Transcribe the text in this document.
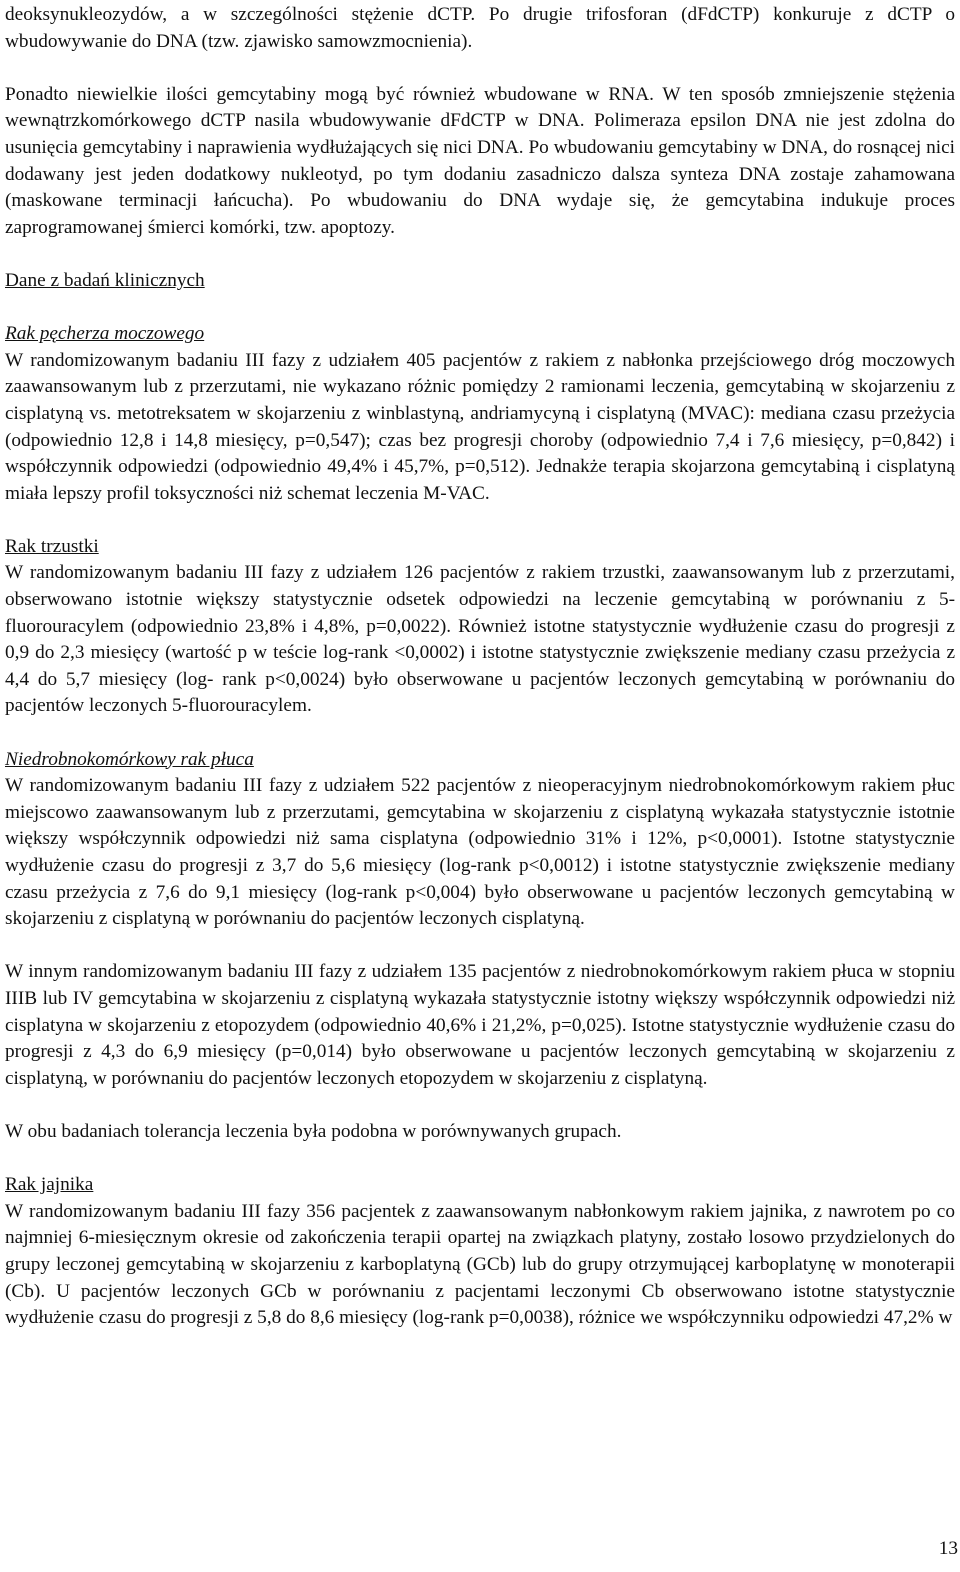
deoksynukleozydów, a w szczególności stężenie dCTP. Po drugie trifosforan (dFdCTP) konkuruje z dCTP o wbudowywanie do DNA (tzw. zjawisko samowzmocnienia).

Ponadto niewielkie ilości gemcytabiny mogą być również wbudowane w RNA. W ten sposób zmniejszenie stężenia wewnątrzkomórkowego dCTP nasila wbudowywanie dFdCTP w DNA. Polimeraza epsilon DNA nie jest zdolna do usunięcia gemcytabiny i naprawienia wydłużających się nici DNA. Po wbudowaniu gemcytabiny w DNA, do rosnącej nici dodawany jest jeden dodatkowy nukleotyd, po tym dodaniu zasadniczo dalsza synteza DNA zostaje zahamowana (maskowane terminacji łańcucha). Po wbudowaniu do DNA wydaje się, że gemcytabina indukuje proces zaprogramowanej śmierci komórki, tzw. apoptozy.

Dane z badań klinicznych

Rak pęcherza moczowego

W randomizowanym badaniu III fazy z udziałem 405 pacjentów z rakiem z nabłonka przejściowego dróg moczowych zaawansowanym lub z przerzutami, nie wykazano różnic pomiędzy 2 ramionami leczenia, gemcytabiną w skojarzeniu z cisplatyną vs. metotreksatem w skojarzeniu z winblastyną, andriamycyną i cisplatyną (MVAC): mediana czasu przeżycia (odpowiednio 12,8 i 14,8 miesięcy, p=0,547); czas bez progresji choroby (odpowiednio 7,4 i 7,6 miesięcy, p=0,842) i współczynnik odpowiedzi (odpowiednio 49,4% i 45,7%, p=0,512). Jednakże terapia skojarzona gemcytabiną i cisplatyną miała lepszy profil toksyczności niż schemat leczenia M-VAC.

Rak trzustki

W randomizowanym badaniu III fazy z udziałem 126 pacjentów z rakiem trzustki, zaawansowanym lub z przerzutami, obserwowano istotnie większy statystycznie odsetek odpowiedzi na leczenie gemcytabiną w porównaniu z 5-fluorouracylem (odpowiednio 23,8% i 4,8%, p=0,0022). Również istotne statystycznie wydłużenie czasu do progresji z 0,9 do 2,3 miesięcy (wartość p w teście log-rank <0,0002) i istotne statystycznie zwiększenie mediany czasu przeżycia z 4,4 do 5,7 miesięcy (log- rank p<0,0024) było obserwowane u pacjentów leczonych gemcytabiną w porównaniu do pacjentów leczonych 5-fluorouracylem.

Niedrobnokomórkowy rak płuca

W randomizowanym badaniu III fazy z udziałem 522 pacjentów z nieoperacyjnym niedrobnokomórkowym rakiem płuc miejscowo zaawansowanym lub z przerzutami, gemcytabina w skojarzeniu z cisplatyną wykazała statystycznie istotnie większy współczynnik odpowiedzi niż sama cisplatyna (odpowiednio 31% i 12%, p<0,0001). Istotne statystycznie wydłużenie czasu do progresji z 3,7 do 5,6 miesięcy (log-rank p<0,0012) i istotne statystycznie zwiększenie mediany czasu przeżycia z 7,6 do 9,1 miesięcy (log-rank p<0,004) było obserwowane u pacjentów leczonych gemcytabiną w skojarzeniu z cisplatyną w porównaniu do pacjentów leczonych cisplatyną.

W innym randomizowanym badaniu III fazy z udziałem 135 pacjentów z niedrobnokomórkowym rakiem płuca w stopniu IIIB lub IV gemcytabina w skojarzeniu z cisplatyną wykazała statystycznie istotny większy współczynnik odpowiedzi niż cisplatyna w skojarzeniu z etopozydem (odpowiednio 40,6% i 21,2%, p=0,025). Istotne statystycznie wydłużenie czasu do progresji z 4,3 do 6,9 miesięcy (p=0,014) było obserwowane u pacjentów leczonych gemcytabiną w skojarzeniu z cisplatyną, w porównaniu do pacjentów leczonych etopozydem w skojarzeniu z cisplatyną.

W obu badaniach tolerancja leczenia była podobna w porównywanych grupach.

Rak jajnika

W randomizowanym badaniu III fazy 356 pacjentek z zaawansowanym nabłonkowym rakiem jajnika, z nawrotem po co najmniej 6-miesięcznym okresie od zakończenia terapii opartej na związkach platyny, zostało losowo przydzielonych do grupy leczonej gemcytabiną w skojarzeniu z karboplatyną (GCb) lub do grupy otrzymującej karboplatynę w monoterapii (Cb). U pacjentów leczonych GCb w porównaniu z pacjentami leczonymi Cb obserwowano istotne statystycznie wydłużenie czasu do progresji z 5,8 do 8,6 miesięcy (log-rank p=0,0038), różnice we współczynniku odpowiedzi 47,2% w

13
